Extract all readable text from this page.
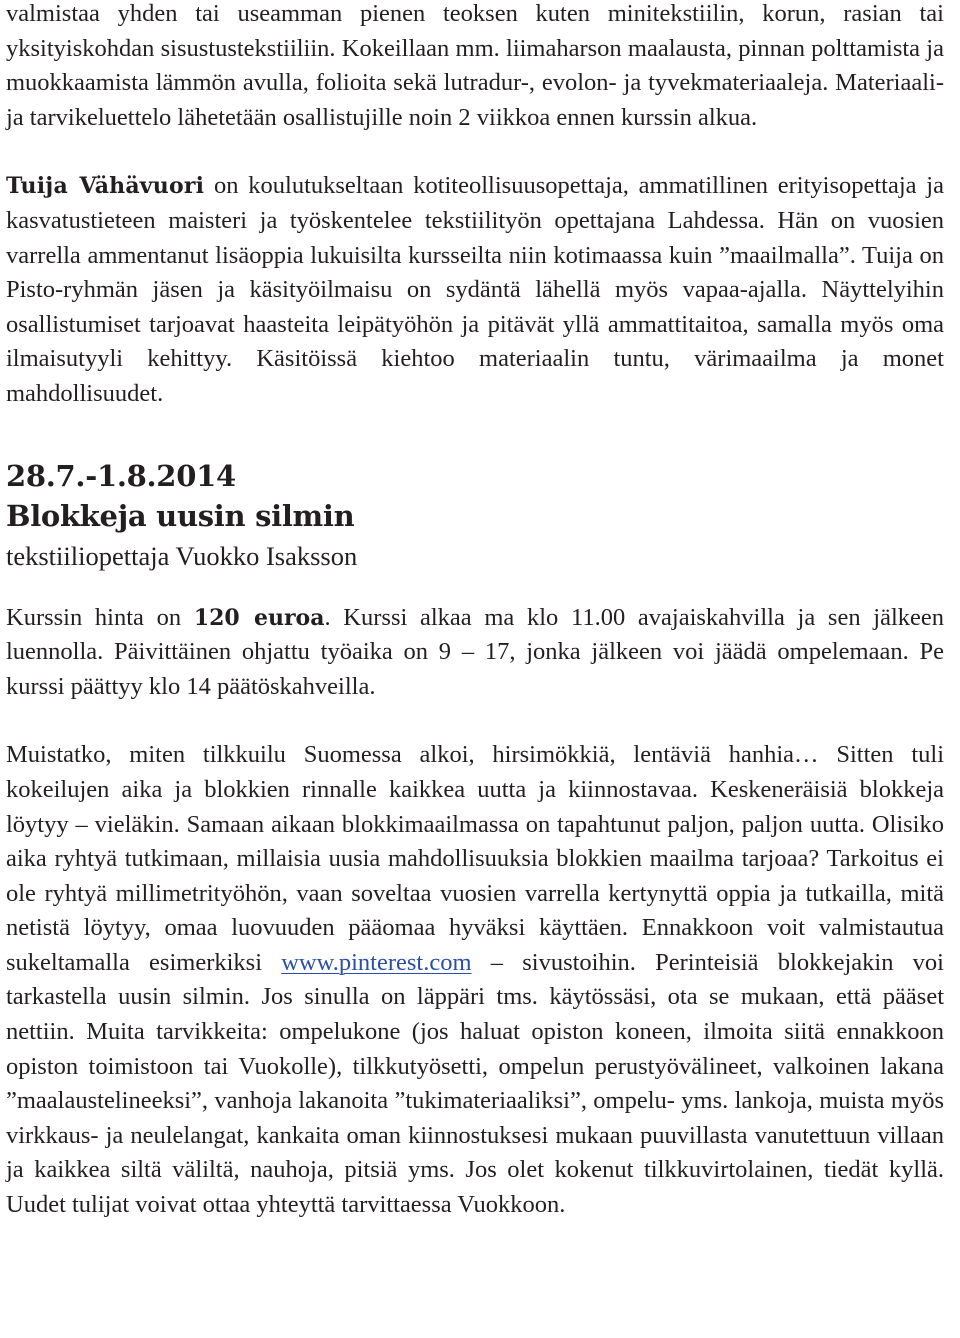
valmistaa yhden tai useamman pienen teoksen kuten minitekstiilin, korun, rasian tai yksityiskohdan sisustustekstiiliin. Kokeillaan mm. liimaharson maalausta, pinnan polttamista ja muokkaamista lämmön avulla, folioita sekä lutradur-, evolon- ja tyvekmateriaaleja. Materiaali- ja tarvikeluettelo lähetetään osallistujille noin 2 viikkoa ennen kurssin alkua.

Tuija Vähävuori on koulutukseltaan kotiteollisuusopettaja, ammatillinen erityisopettaja ja kasvatustieteen maisteri ja työskentelee tekstiilityön opettajana Lahdessa. Hän on vuosien varrella ammentanut lisäoppia lukuisilta kursseilta niin kotimaassa kuin ”maailmalla”. Tuija on Pisto-ryhmän jäsen ja käsityöilmaisu on sydäntä lähellä myös vapaa-ajalla. Näyttelyihin osallistumiset tarjoavat haasteita leipätyöhön ja pitävät yllä ammattitaitoa, samalla myös oma ilmaisutyyli kehittyy. Käsitöissä kiehtoo materiaalin tuntu, värimaailma ja monet mahdollisuudet.

28.7.-1.8.2014
Blokkeja uusin silmin

tekstiiliopettaja Vuokko Isaksson

Kurssin hinta on 120 euroa. Kurssi alkaa ma klo 11.00 avajaiskahvilla ja sen jälkeen luennolla. Päivittäinen ohjattu työaika on 9 – 17, jonka jälkeen voi jäädä ompelemaan. Pe kurssi päättyy klo 14 päätöskahveilla.

Muistatko, miten tilkkuilu Suomessa alkoi, hirsimökkiä, lentäviä hanhia… Sitten tuli kokeilujen aika ja blokkien rinnalle kaikkea uutta ja kiinnostavaa. Keskeneräisiä blokkeja löytyy – vieläkin. Samaan aikaan blokkimaailmassa on tapahtunut paljon, paljon uutta. Olisiko aika ryhtyä tutkimaan, millaisia uusia mahdollisuuksia blokkien maailma tarjoaa? Tarkoitus ei ole ryhtyä millimetrityöhön, vaan soveltaa vuosien varrella kertynyttä oppia ja tutkailla, mitä netistä löytyy, omaa luovuuden pääomaa hyväksi käyttäen. Ennakkoon voit valmistautua sukeltamalla esimerkiksi www.pinterest.com – sivustoihin. Perinteisiä blokkejakin voi tarkastella uusin silmin. Jos sinulla on läppäri tms. käytössäsi, ota se mukaan, että pääset nettiin. Muita tarvikkeita: ompelukone (jos haluat opiston koneen, ilmoita siitä ennakkoon opiston toimistoon tai Vuokolle), tilkkutyösetti, ompelun perustyövälineet, valkoinen lakana ”maalaustelineeksi”, vanhoja lakanoita ”tukimateriaaliksi”, ompelu- yms. lankoja, muista myös virkkaus- ja neulelangat, kankaita oman kiinnostuksesi mukaan puuvillasta vanutettuun villaan ja kaikkea siltä väliltä, nauhoja, pitsiä yms. Jos olet kokenut tilkkuvirtolainen, tiedät kyllä. Uudet tulijat voivat ottaa yhteyttä tarvittaessa Vuokkoon.
